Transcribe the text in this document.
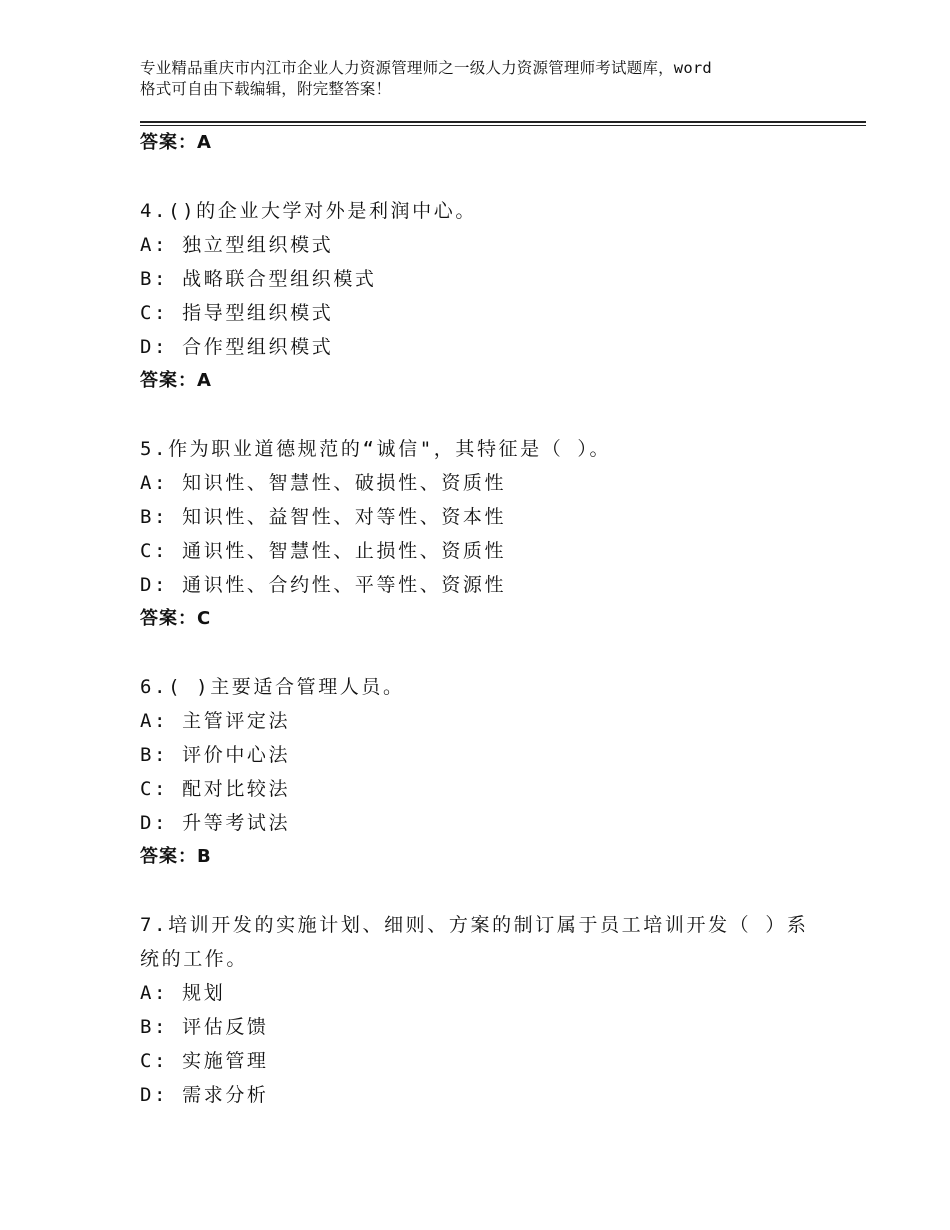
专业精品重庆市内江市企业人力资源管理师之一级人力资源管理师考试题库，word
格式可自由下载编辑，附完整答案！
答案：A
4.()的企业大学对外是利润中心。
A: 独立型组织模式
B: 战略联合型组织模式
C: 指导型组织模式
D: 合作型组织模式
答案：A
5.作为职业道德规范的“诚信"，其特征是（ ）。
A: 知识性、智慧性、破损性、资质性
B: 知识性、益智性、对等性、资本性
C: 通识性、智慧性、止损性、资质性
D: 通识性、合约性、平等性、资源性
答案：C
6.( )主要适合管理人员。
A: 主管评定法
B: 评价中心法
C: 配对比较法
D: 升等考试法
答案：B
7.培训开发的实施计划、细则、方案的制订属于员工培训开发（ ）系
统的工作。
A: 规划
B: 评估反馈
C: 实施管理
D: 需求分析
